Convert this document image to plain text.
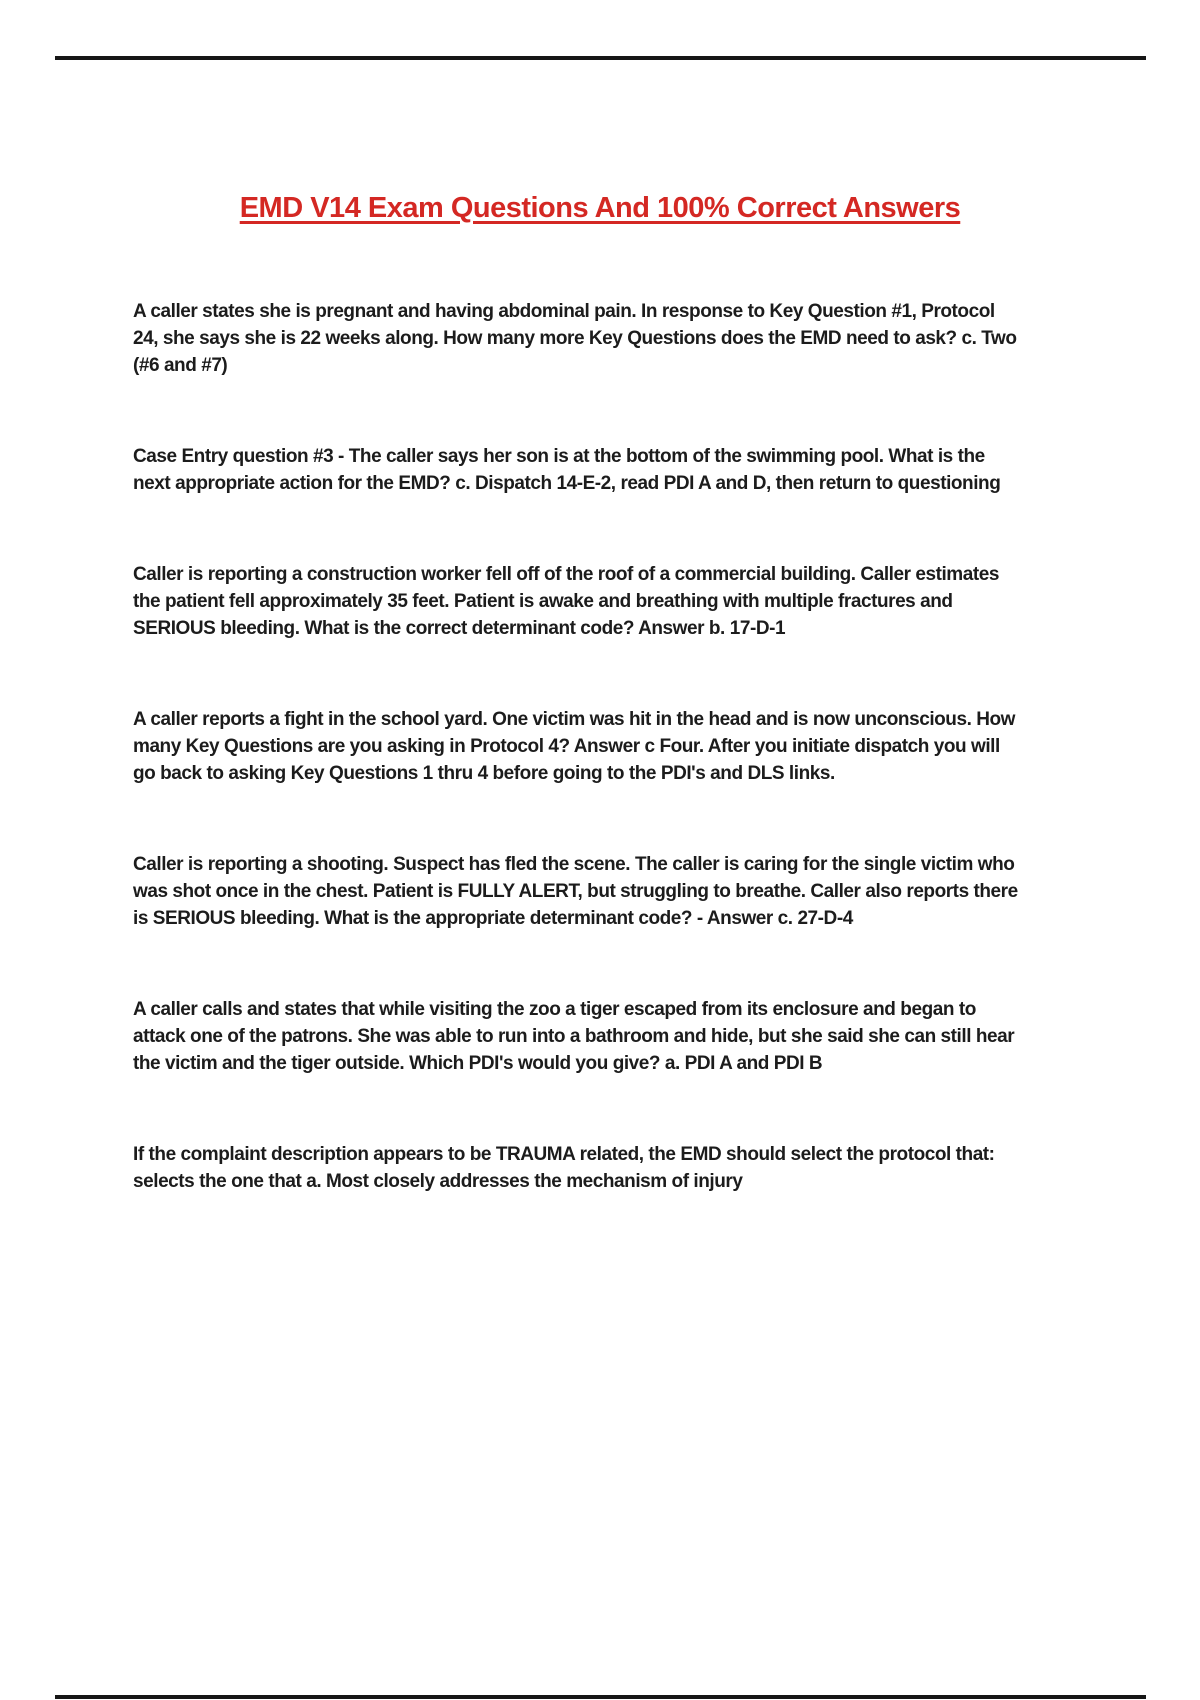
EMD V14 Exam Questions And 100% Correct Answers

A caller states she is pregnant and having abdominal pain. In response to Key Question #1, Protocol 24, she says she is 22 weeks along. How many more Key Questions does the EMD need to ask? c. Two (#6 and #7)

Case Entry question #3 - The caller says her son is at the bottom of the swimming pool. What is the next appropriate action for the EMD? c. Dispatch 14-E-2, read PDI A and D, then return to questioning

Caller is reporting a construction worker fell off of the roof of a commercial building. Caller estimates the patient fell approximately 35 feet. Patient is awake and breathing with multiple fractures and SERIOUS bleeding. What is the correct determinant code? Answer b. 17-D-1

A caller reports a fight in the school yard. One victim was hit in the head and is now unconscious. How many Key Questions are you asking in Protocol 4? Answer c Four. After you initiate dispatch you will go back to asking Key Questions 1 thru 4 before going to the PDI's and DLS links.

Caller is reporting a shooting. Suspect has fled the scene. The caller is caring for the single victim who was shot once in the chest. Patient is FULLY ALERT, but struggling to breathe. Caller also reports there is SERIOUS bleeding. What is the appropriate determinant code? - Answer c. 27-D-4

A caller calls and states that while visiting the zoo a tiger escaped from its enclosure and began to attack one of the patrons. She was able to run into a bathroom and hide, but she said she can still hear the victim and the tiger outside. Which PDI's would you give? a. PDI A and PDI B

If the complaint description appears to be TRAUMA related, the EMD should select the protocol that: selects the one that a. Most closely addresses the mechanism of injury
